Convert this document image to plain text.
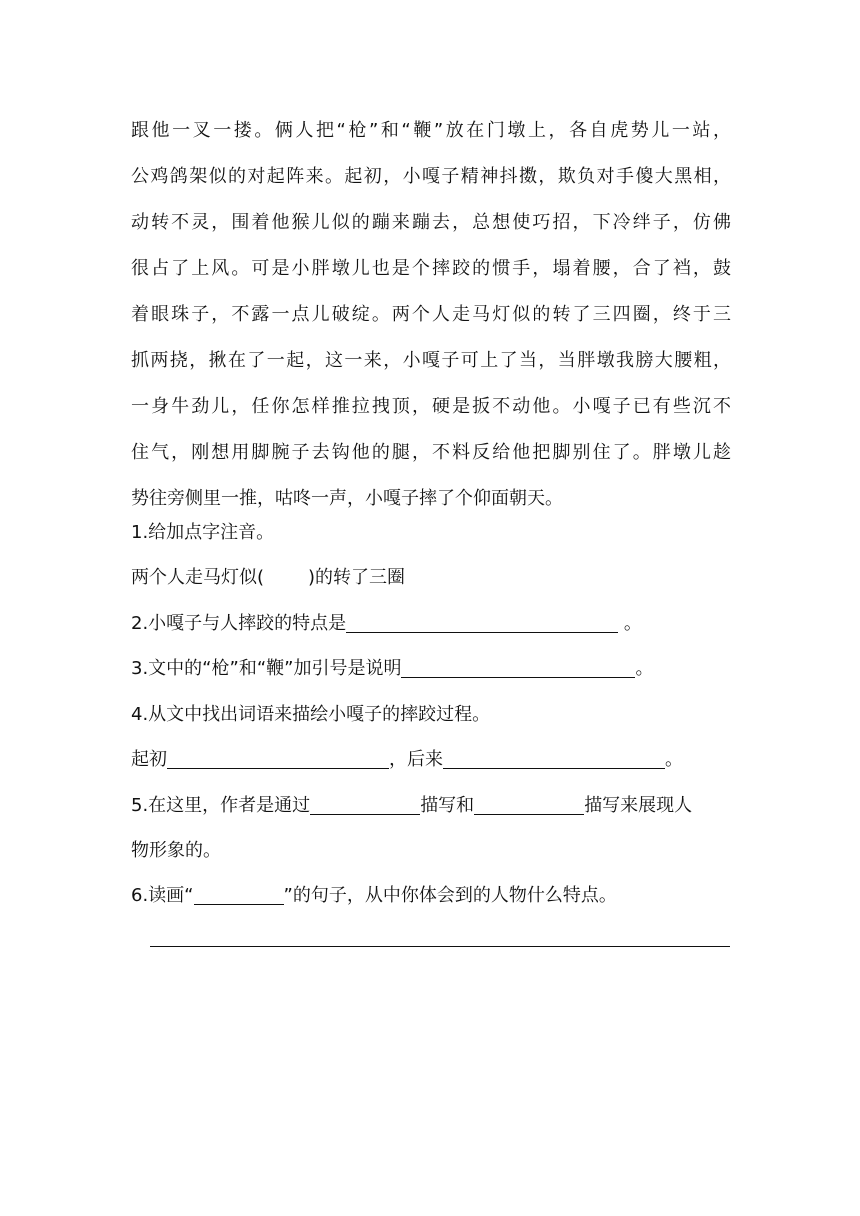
跟他一叉一搂。俩人把“枪”和“鞭”放在门墩上，各自虎势儿一站，
公鸡鸽架似的对起阵来。起初，小嘎子精神抖擞，欺负对手傻大黑相，
动转不灵，围着他猴儿似的蹦来蹦去，总想使巧招，下冷绊子，仿佛
很占了上风。可是小胖墩儿也是个摔跤的惯手，塌着腰，合了裆，鼓
着眼珠子，不露一点儿破绽。两个人走马灯似的转了三四圈，终于三
抓两挠，揪在了一起，这一来，小嘎子可上了当，当胖墩我膀大腰粗，
一身牛劲儿，任你怎样推拉拽顶，硬是扳不动他。小嘎子已有些沉不
住气，刚想用脚腕子去钩他的腿，不料反给他把脚别住了。胖墩儿趁
势往旁侧里一推，咕咚一声，小嘎子摔了个仰面朝天。
1.给加点字注音。
两个人走马灯似( )的转了三圈
2.小嘎子与人摔跤的特点是	。
3.文中的“枪”和“鞭”加引号是说明	。
4.从文中找出词语来描绘小嘎子的摔跤过程。
起初	，后来	。
5.在这里，作者是通过	描写和	描写来展现人
物形象的。
6.读画“	”的句子，从中你体会到的人物什么特点。
